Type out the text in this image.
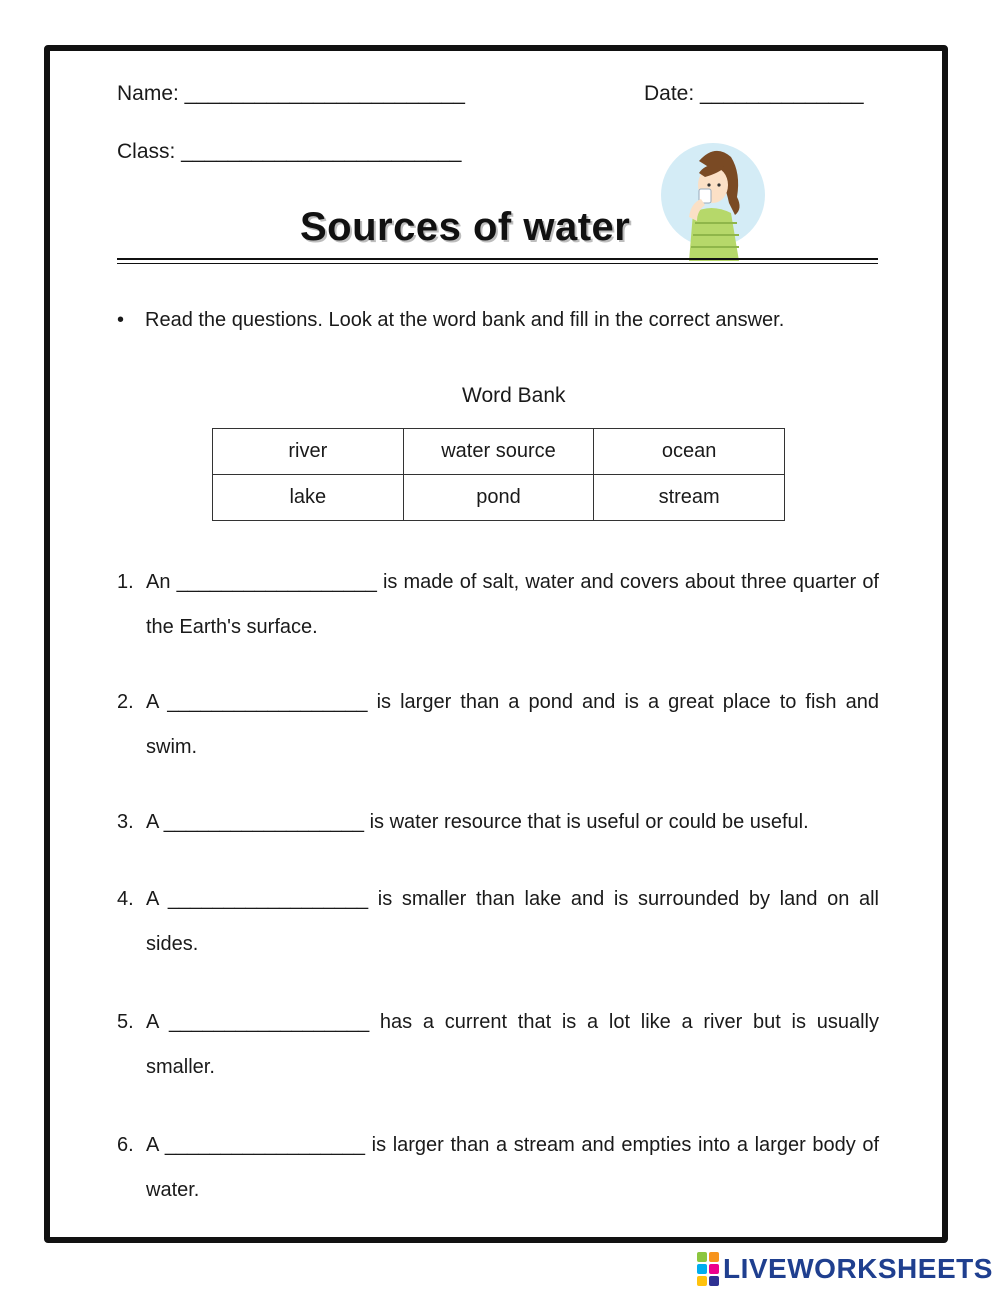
Name: ________________________	Date: ______________
Class: ________________________
Sources of water
• Read the questions. Look at the word bank and fill in the correct answer.
Word Bank
river	water source	ocean
lake	pond	stream
1. An __________________ is made of salt, water and covers about three quarter of the Earth's surface.
2. A __________________ is larger than a pond and is a great place to fish and swim.
3. A __________________ is water resource that is useful or could be useful.
4. A __________________ is smaller than lake and is surrounded by land on all sides.
5. A __________________ has a current that is a lot like a river but is usually smaller.
6. A __________________ is larger than a stream and empties into a larger body of water.
LIVEWORKSHEETS
